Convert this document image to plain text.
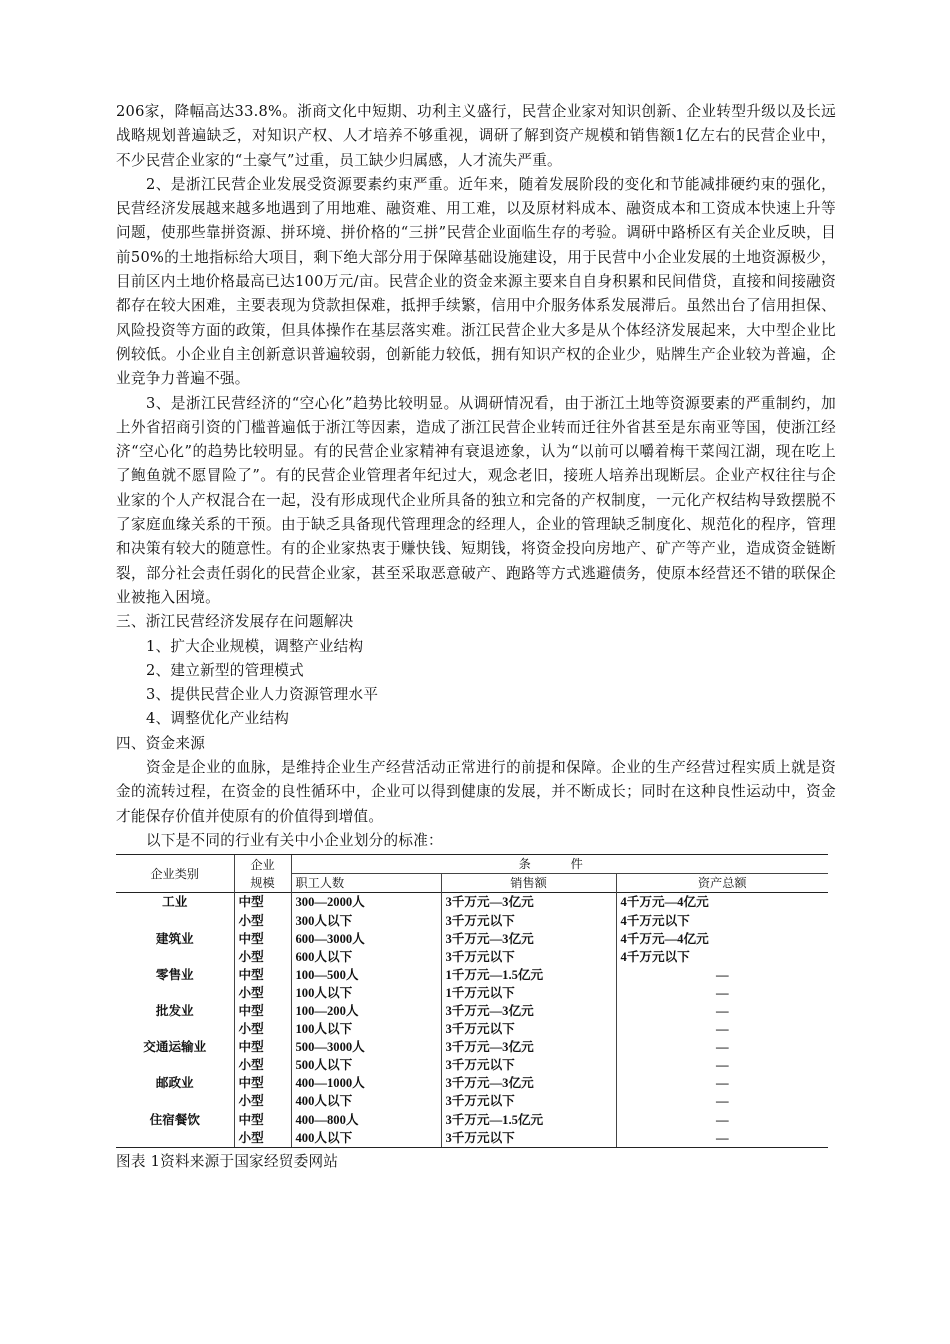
206家，降幅高达33.8%。浙商文化中短期、功利主义盛行，民营企业家对知识创新、企业转型升级以及长远战略规划普遍缺乏，对知识产权、人才培养不够重视，调研了解到资产规模和销售额1亿左右的民营企业中，不少民营企业家的“土豪气”过重，员工缺少归属感，人才流失严重。

2、是浙江民营企业发展受资源要素约束严重。近年来，随着发展阶段的变化和节能减排硬约束的强化，民营经济发展越来越多地遇到了用地难、融资难、用工难，以及原材料成本、融资成本和工资成本快速上升等问题，使那些靠拼资源、拼环境、拼价格的“三拼”民营企业面临生存的考验。调研中路桥区有关企业反映，目前50%的土地指标给大项目，剩下绝大部分用于保障基础设施建设，用于民营中小企业发展的土地资源极少，目前区内土地价格最高已达100万元/亩。民营企业的资金来源主要来自自身积累和民间借贷，直接和间接融资都存在较大困难，主要表现为贷款担保难，抵押手续繁，信用中介服务体系发展滞后。虽然出台了信用担保、风险投资等方面的政策，但具体操作在基层落实难。浙江民营企业大多是从个体经济发展起来，大中型企业比例较低。小企业自主创新意识普遍较弱，创新能力较低，拥有知识产权的企业少，贴牌生产企业较为普遍，企业竞争力普遍不强。

3、是浙江民营经济的“空心化”趋势比较明显。从调研情况看，由于浙江土地等资源要素的严重制约，加上外省招商引资的门槛普遍低于浙江等因素，造成了浙江民营企业转而迁往外省甚至是东南亚等国，使浙江经济“空心化”的趋势比较明显。有的民营企业家精神有衰退迹象，认为“以前可以嚼着梅干菜闯江湖，现在吃上了鲍鱼就不愿冒险了”。有的民营企业管理者年纪过大，观念老旧，接班人培养出现断层。企业产权往往与企业家的个人产权混合在一起，没有形成现代企业所具备的独立和完备的产权制度，一元化产权结构导致摆脱不了家庭血缘关系的干预。由于缺乏具备现代管理理念的经理人，企业的管理缺乏制度化、规范化的程序，管理和决策有较大的随意性。有的企业家热衷于赚快钱、短期钱，将资金投向房地产、矿产等产业，造成资金链断裂，部分社会责任弱化的民营企业家，甚至采取恶意破产、跑路等方式逃避债务，使原本经营还不错的联保企业被拖入困境。

三、浙江民营经济发展存在问题解决

1、扩大企业规模，调整产业结构

2、建立新型的管理模式

3、提供民营企业人力资源管理水平

4、调整优化产业结构

四、资金来源

资金是企业的血脉，是维持企业生产经营活动正常进行的前提和保障。企业的生产经营过程实质上就是资金的流转过程，在资金的良性循环中，企业可以得到健康的发展，并不断成长；同时在这种良性运动中，资金才能保存价值并使原有的价值得到增值。

以下是不同的行业有关中小企业划分的标准：

企业类别	企业	条 件		
	规模	职工人数	销售额	资产总额
工业	中型	300—2000人	3千万元—3亿元	4千万元—4亿元
	小型	300人以下	3千万元以下	4千万元以下
建筑业	中型	600—3000人	3千万元—3亿元	4千万元—4亿元
	小型	600人以下	3千万元以下	4千万元以下
零售业	中型	100—500人	1千万元—1.5亿元	—
	小型	100人以下	1千万元以下	—
批发业	中型	100—200人	3千万元—3亿元	—
	小型	100人以下	3千万元以下	—
交通运输业	中型	500—3000人	3千万元—3亿元	—
	小型	500人以下	3千万元以下	—
邮政业	中型	400—1000人	3千万元—3亿元	—
	小型	400人以下	3千万元以下	—
住宿餐饮	中型	400—800人	3千万元—1.5亿元	—
	小型	400人以下	3千万元以下	—

图表 1资料来源于国家经贸委网站
